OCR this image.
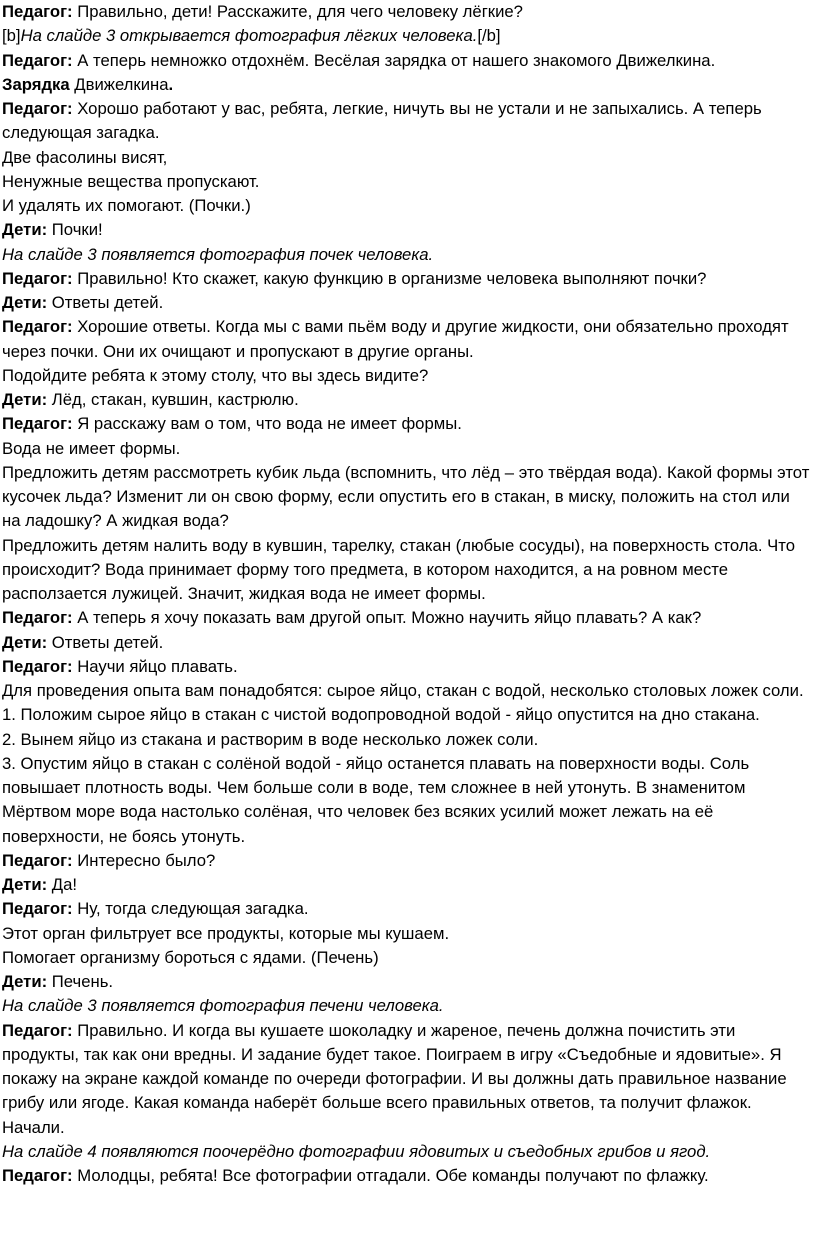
Педагог: Правильно, дети! Расскажите, для чего человеку лёгкие?

[b]На слайде 3 открывается фотография лёгких человека.[/b]

Педагог: А теперь немножко отдохнём. Весёлая зарядка от нашего знакомого Движелкина.

Зарядка Движелкина.

Педагог: Хорошо работают у вас, ребята, легкие, ничуть вы не устали и не запыхались. А теперь следующая загадка.

Две фасолины висят,

Ненужные вещества пропускают.

И удалять их помогают. (Почки.)

Дети: Почки!

На слайде 3 появляется фотография почек человека.

Педагог: Правильно! Кто скажет, какую функцию в организме человека выполняют почки?

Дети: Ответы детей.

Педагог: Хорошие ответы. Когда мы с вами пьём воду и другие жидкости, они обязательно проходят через почки. Они их очищают и пропускают в другие органы.

Подойдите ребята к этому столу, что вы здесь видите?

Дети: Лёд, стакан, кувшин, кастрюлю.

Педагог: Я расскажу вам о том, что вода не имеет формы.

Вода не имеет формы.

Предложить детям рассмотреть кубик льда (вспомнить, что лёд – это твёрдая вода). Какой формы этот кусочек льда? Изменит ли он свою форму, если опустить его в стакан, в миску, положить на стол или на ладошку? А жидкая вода?

Предложить детям налить воду в кувшин, тарелку, стакан (любые сосуды), на поверхность стола. Что происходит? Вода принимает форму того предмета, в котором находится, а на ровном месте расползается лужицей. Значит, жидкая вода не имеет формы.

Педагог: А теперь я хочу показать вам другой опыт. Можно научить яйцо плавать? А как?

Дети: Ответы детей.

Педагог: Научи яйцо плавать.

Для проведения опыта вам понадобятся: сырое яйцо, стакан с водой, несколько столовых ложек соли.

1. Положим сырое яйцо в стакан с чистой водопроводной водой - яйцо опустится на дно стакана.

2. Вынем яйцо из стакана и растворим в воде несколько ложек соли.

3. Опустим яйцо в стакан с солёной водой - яйцо останется плавать на поверхности воды. Соль повышает плотность воды. Чем больше соли в воде, тем сложнее в ней утонуть. В знаменитом Мёртвом море вода настолько солёная, что человек без всяких усилий может лежать на её поверхности, не боясь утонуть.

Педагог: Интересно было?

Дети: Да!

Педагог: Ну, тогда следующая загадка.

Этот орган фильтрует все продукты, которые мы кушаем.

Помогает организму бороться с ядами. (Печень)

Дети: Печень.

На слайде 3 появляется фотография печени человека.

Педагог: Правильно. И когда вы кушаете шоколадку и жареное, печень должна почистить эти продукты, так как они вредны. И задание будет такое. Поиграем в игру «Съедобные и ядовитые». Я покажу на экране каждой команде по очереди фотографии. И вы должны дать правильное название грибу или ягоде. Какая команда наберёт больше всего правильных ответов, та получит флажок. Начали.

На слайде 4 появляются поочерёдно фотографии ядовитых и съедобных грибов и ягод.

Педагог: Молодцы, ребята! Все фотографии отгадали. Обе команды получают по флажку.
